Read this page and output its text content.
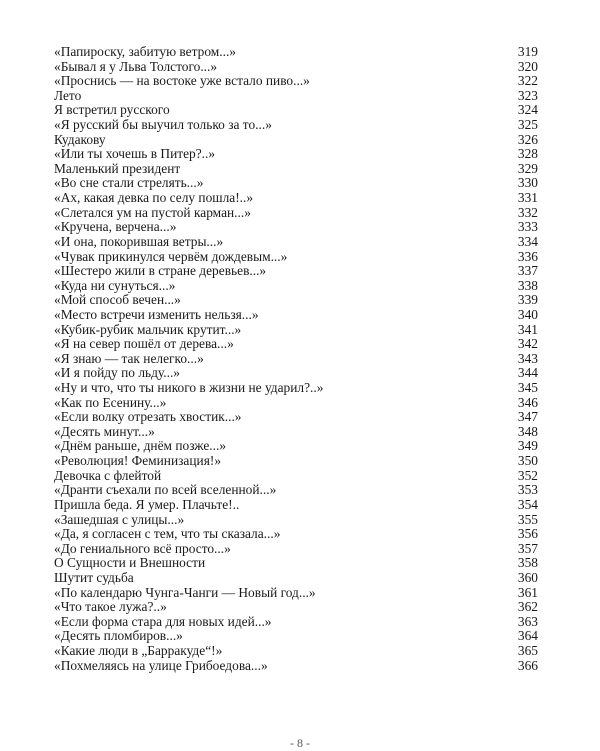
«Папироску, забитую ветром...»	319
«Бывал я у Льва Толстого...»	320
«Проснись — на востоке уже встало пиво...»	322
Лето	323
Я встретил русского	324
«Я русский бы выучил только за то...»	325
Кудакову	326
«Или ты хочешь в Питер?..»	328
Маленький президент	329
«Во сне стали стрелять...»	330
«Ах, какая девка по селу пошла!..»	331
«Слетался ум на пустой карман...»	332
«Кручена, верчена...»	333
«И она, покорившая ветры...»	334
«Чувак прикинулся червём дождевым...»	336
«Шестеро жили в стране деревьев...»	337
«Куда ни сунуться...»	338
«Мой способ вечен...»	339
«Место встречи изменить нельзя...»	340
«Кубик-рубик мальчик крутит...»	341
«Я на север пошёл от дерева...»	342
«Я знаю — так нелегко...»	343
«И я пойду по льду...»	344
«Ну и что, что ты никого в жизни не ударил?..»	345
«Как по Есенину...»	346
«Если волку отрезать хвостик...»	347
«Десять минут...»	348
«Днём раньше, днём позже...»	349
«Революция! Феминизация!»	350
Девочка с флейтой	352
«Дранти съехали по всей вселенной...»	353
Пришла беда. Я умер. Плачьте!..	354
«Зашедшая с улицы...»	355
«Да, я согласен с тем, что ты сказала...»	356
«До гениального всё просто...»	357
О Сущности и Внешности	358
Шутит судьба	360
«По календарю Чунга-Чанги — Новый год...»	361
«Что такое лужа?..»	362
«Если форма стара для новых идей...»	363
«Десять пломбиров...»	364
«Какие люди в „Барракуде“!»	365
«Похмеляясь на улице Грибоедова...»	366
- 8 -
